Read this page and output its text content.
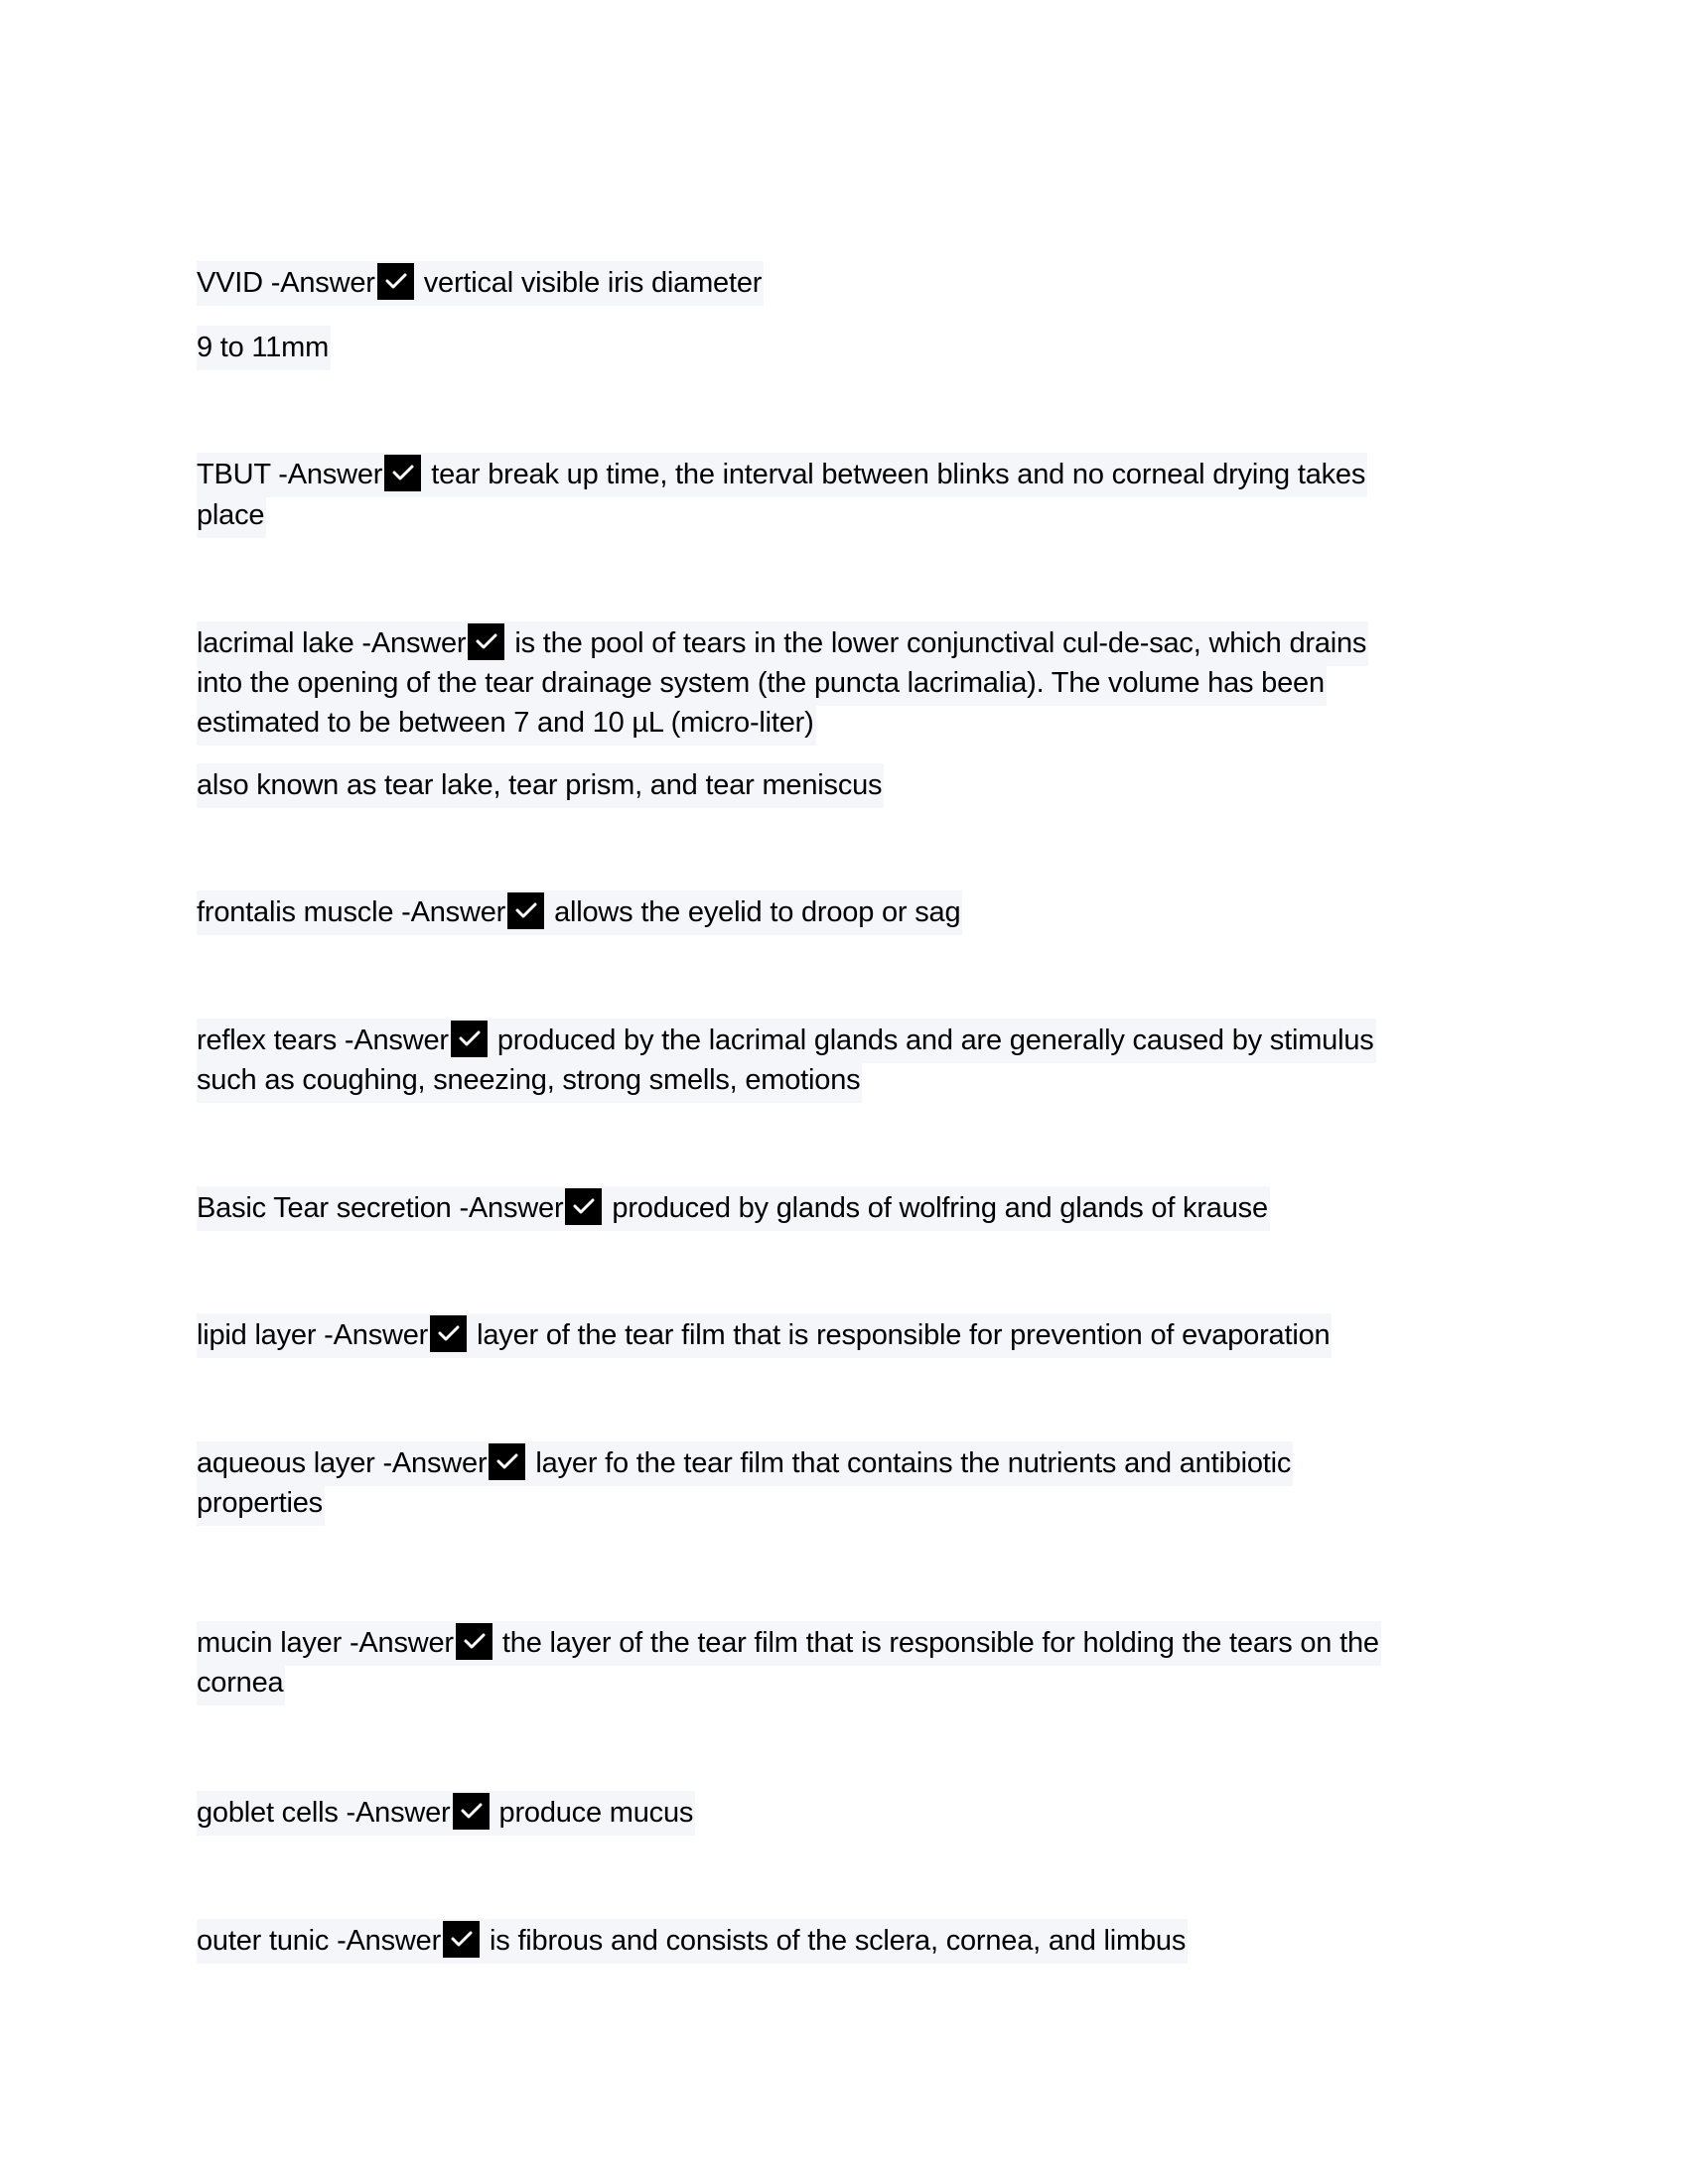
VVID -Answer vertical visible iris diameter
9 to 11mm
TBUT -Answer tear break up time, the interval between blinks and no corneal drying takes
place
lacrimal lake -Answer is the pool of tears in the lower conjunctival cul-de-sac, which drains
into the opening of the tear drainage system (the puncta lacrimalia). The volume has been
estimated to be between 7 and 10 µL (micro-liter)
also known as tear lake, tear prism, and tear meniscus
frontalis muscle -Answer allows the eyelid to droop or sag
reflex tears -Answer produced by the lacrimal glands and are generally caused by stimulus
such as coughing, sneezing, strong smells, emotions
Basic Tear secretion -Answer produced by glands of wolfring and glands of krause
lipid layer -Answer layer of the tear film that is responsible for prevention of evaporation
aqueous layer -Answer layer fo the tear film that contains the nutrients and antibiotic
properties
mucin layer -Answer the layer of the tear film that is responsible for holding the tears on the
cornea
goblet cells -Answer produce mucus
outer tunic -Answer is fibrous and consists of the sclera, cornea, and limbus
